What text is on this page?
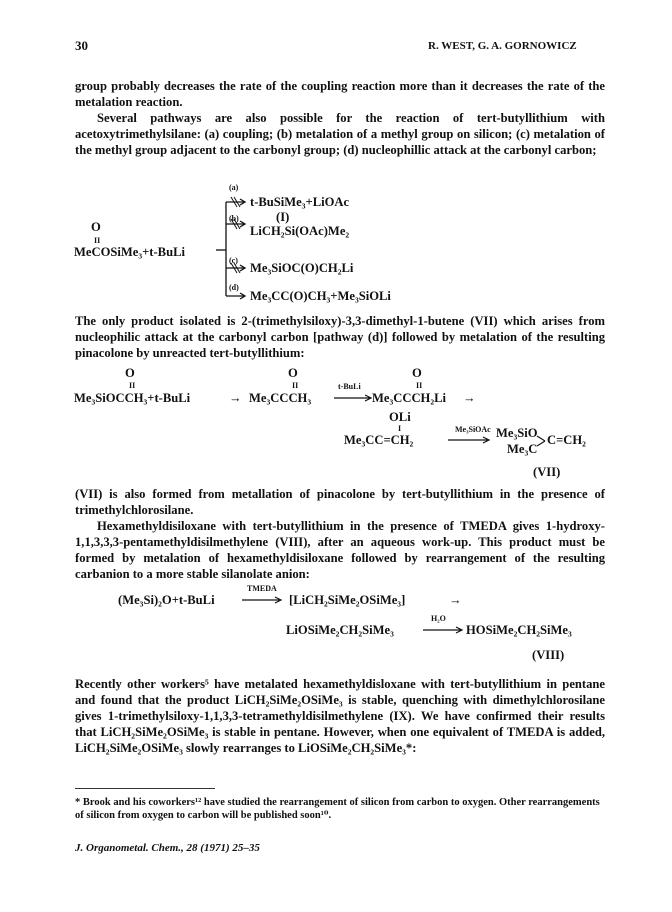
30	R. WEST, G. A. GORNOWICZ
group probably decreases the rate of the coupling reaction more than it decreases the rate of the metalation reaction.
Several pathways are also possible for the reaction of tert-butyllithium with acetoxytrimethylsilane: (a) coupling; (b) metalation of a methyl group on silicon; (c) metalation of the methyl group adjacent to the carbonyl group; (d) nucleophillic attack at the carbonyl carbon;
O
II
MeCOSiMe₃+t-BuLi
(a)
(b)
(c)
(d)
t-BuSiMe₃+LiOAc
(I)
LiCH₂Si(OAc)Me₂
Me₃SiOC(O)CH₂Li
Me₃CC(O)CH₃+Me₃SiOLi
The only product isolated is 2-(trimethylsiloxy)-3,3-dimethyl-1-butene (VII) which arises from nucleophilic attack at the carbonyl carbon [pathway (d)] followed by metalation of the resulting pinacolone by unreacted tert-butyllithium:
O
II
Me₃SiOCCH₃+t-BuLi	→
O
II
Me₃CCCH₃
t-BuLi
O
II
Me₃CCCH₂Li →
OLi
I
Me₃CC=CH₂
Me₃SiOAc Me₃SiO C=CH₂
Me₃C
(VII)
(VII) is also formed from metallation of pinacolone by tert-butyllithium in the presence of trimethylchlorosilane.
Hexamethyldisiloxane with tert-butyllithium in the presence of TMEDA gives 1-hydroxy-1,1,3,3,3-pentamethyldisilmethylene (VIII), after an aqueous work-up. This product must be formed by metalation of hexamethyldisiloxane followed by rearrangement of the resulting carbanion to a more stable silanolate anion:
(Me₃Si)₂O+t-BuLi
TMEDA
[LiCH₂SiMe₂OSiMe₃]	→
LiOSiMe₂CH₂SiMe₃
H₂O
HOSiMe₂CH₂SiMe₃
(VIII)
Recently other workers⁵ have metalated hexamethyldisloxane with tert-butyllithium in pentane and found that the product LiCH₂SiMe₂OSiMe₃ is stable, quenching with dimethylchlorosilane gives 1-trimethylsiloxy-1,1,3,3-tetramethyldisilmethylene (IX). We have confirmed their results that LiCH₂SiMe₂OSiMe₃ is stable in pentane. However, when one equivalent of TMEDA is added, LiCH₂SiMe₂OSiMe₃ slowly rearranges to LiOSiMe₂CH₂SiMe₃*:
* Brook and his coworkers¹² have studied the rearrangement of silicon from carbon to oxygen. Other rearrangements of silicon from oxygen to carbon will be published soon¹⁰.
J. Organometal. Chem., 28 (1971) 25–35
